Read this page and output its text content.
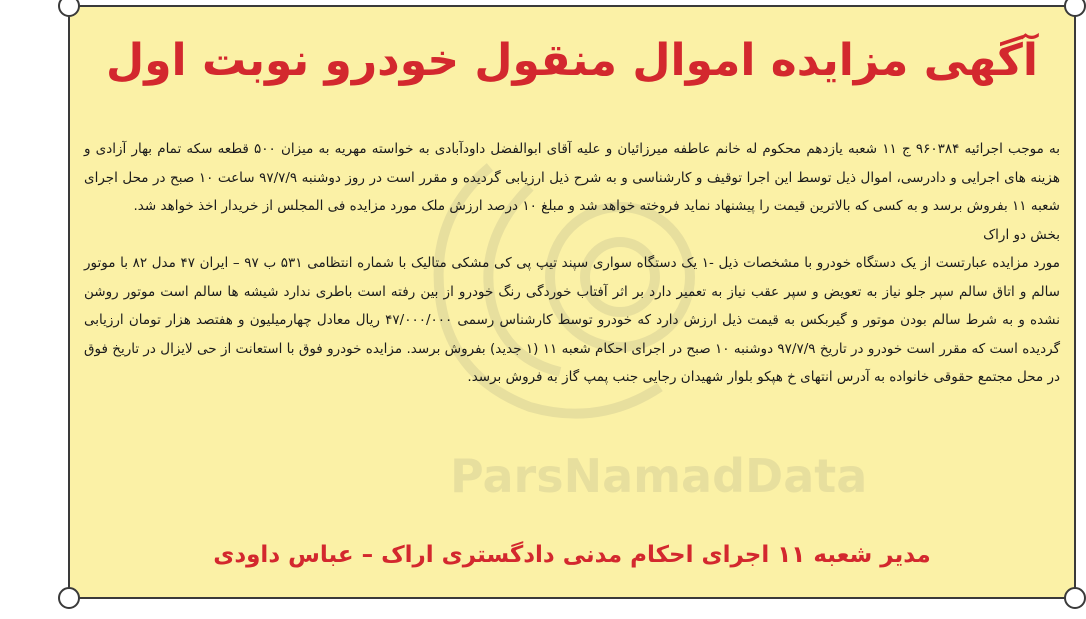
ParsNamadData
آگهی مزایده اموال منقول خودرو نوبت اول

به موجب اجرائیه ۹۶۰۳۸۴ ج ۱۱ شعبه یازدهم محکوم له خانم عاطفه میرزائیان و علیه آقای ابوالفضل داودآبادی به خواسته مهریه به میزان ۵۰۰ قطعه سکه تمام بهار آزادی و هزینه های اجرایی و دادرسی، اموال ذیل توسط این اجرا توقیف و کارشناسی و به شرح ذیل ارزیابی گردیده و مقرر است در روز دوشنبه ۹۷/۷/۹ ساعت ۱۰ صبح در محل اجرای شعبه ۱۱ بفروش برسد و به کسی که بالاترین قیمت را پیشنهاد نماید فروخته خواهد شد و مبلغ ۱۰ درصد ارزش ملک مورد مزایده فی المجلس از خریدار اخذ خواهد شد.

بخش دو اراک

مورد مزایده عبارتست از یک دستگاه خودرو با مشخصات ذیل -۱ یک دستگاه سواری سپند تیپ پی کی مشکی متالیک با شماره انتظامی ۵۳۱ ب ۹۷ – ایران ۴۷ مدل ۸۲ با موتور سالم و اتاق سالم سپر جلو نیاز به تعویض و سپر عقب نیاز به تعمیر دارد بر اثر آفتاب خوردگی رنگ خودرو از بین رفته است باطری ندارد شیشه ها سالم است موتور روشن نشده و به شرط سالم بودن موتور و گیربکس به قیمت ذیل ارزش دارد که خودرو توسط کارشناس رسمی ۴۷/۰۰۰/۰۰۰ ریال معادل چهارمیلیون و هفتصد هزار تومان ارزیابی گردیده است که مقرر است خودرو در تاریخ ۹۷/۷/۹ دوشنبه ۱۰ صبح در اجرای احکام شعبه ۱۱ (۱ جدید) بفروش برسد. مزایده خودرو فوق با استعانت از حی لایزال در تاریخ فوق در محل مجتمع حقوقی خانواده به آدرس انتهای خ هپکو بلوار شهیدان رجایی جنب پمپ گاز به فروش برسد.

مدیر شعبه ۱۱ اجرای احکام مدنی دادگستری اراک – عباس داودی
